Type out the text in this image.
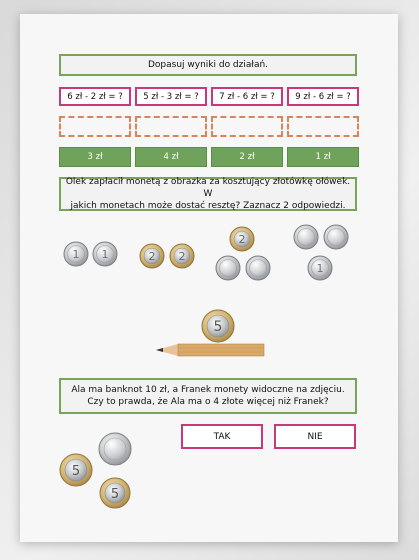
Dopasuj wyniki do działań.
6 zł - 2 zł = ? 5 zł - 3 zł = ? 7 zł - 6 zł = ? 9 zł - 6 zł = ?
3 zł	4 zł	2 zł	1 zł
Olek zapłacił monetą z obrazka za kosztujący złotówkę ołówek. W
jakich monetach może dostać resztę? Zaznacz 2 odpowiedzi.
1 1	2 2
2
1
5
Ala ma banknot 10 zł, a Franek monety widoczne na zdjęciu.
Czy to prawda, że Ala ma o 4 złote więcej niż Franek?
TAK	NIE
5
5
